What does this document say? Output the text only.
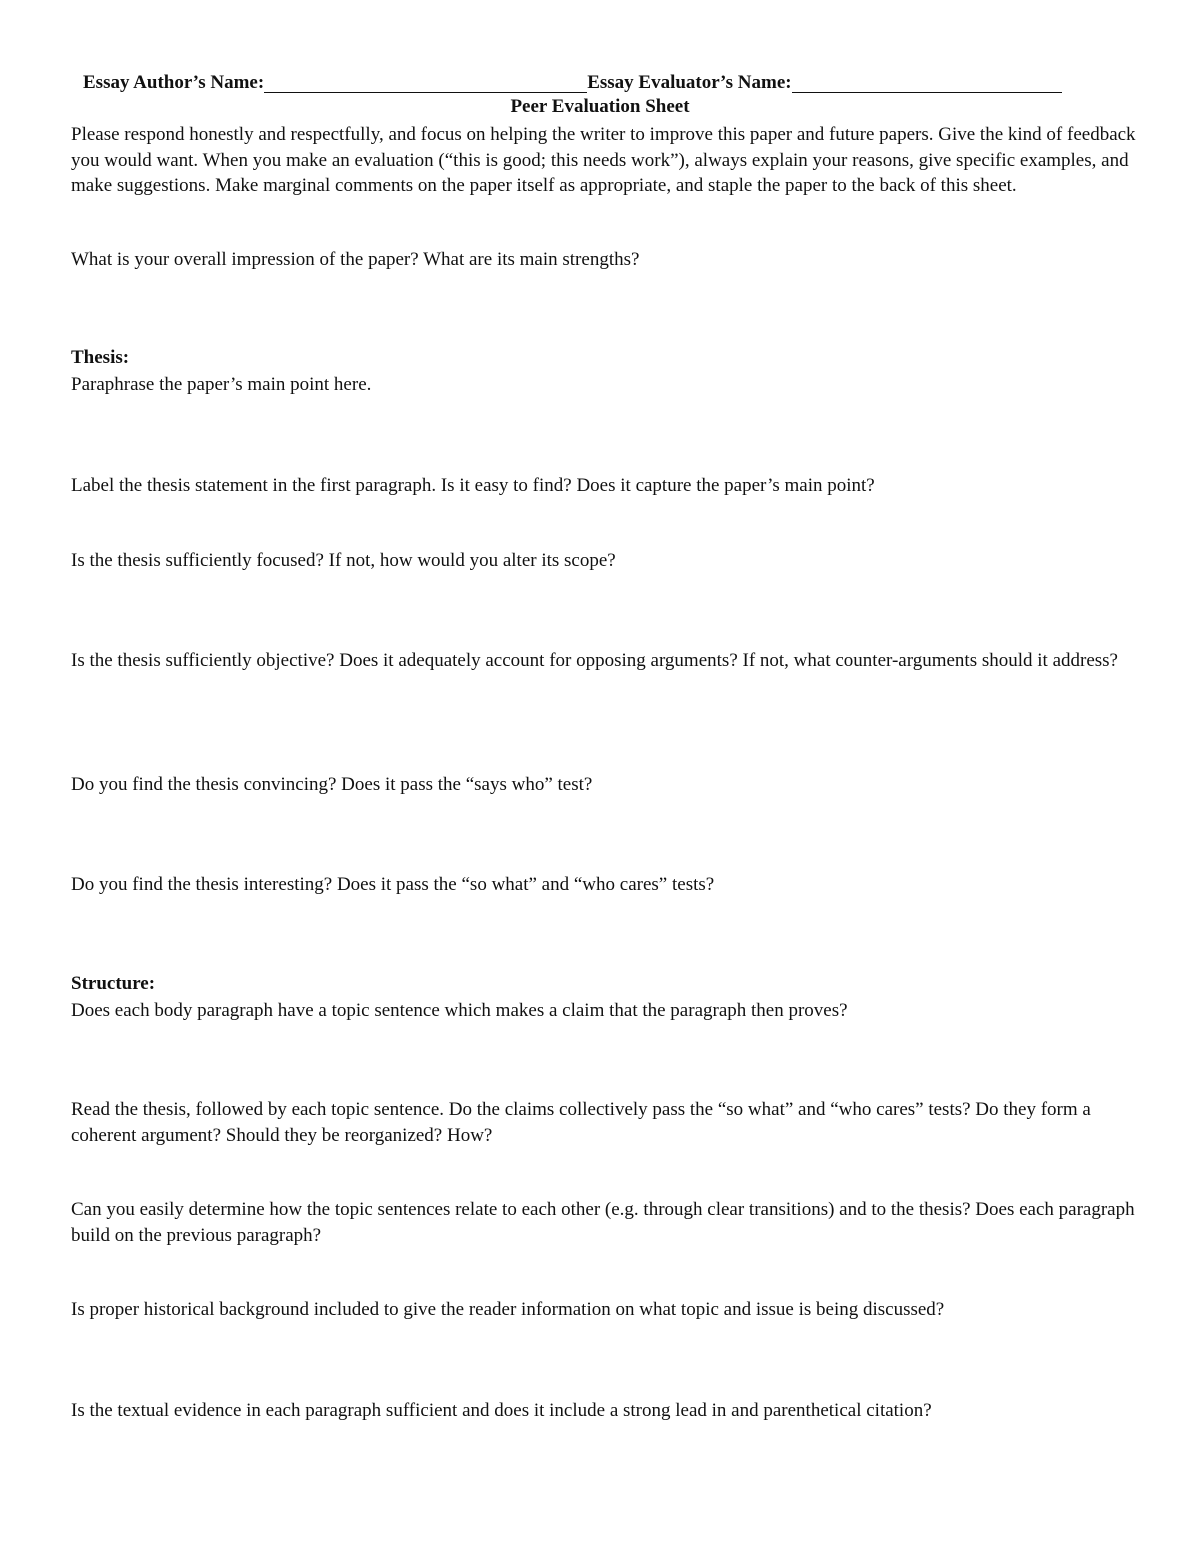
Essay Author’s Name:	Essay Evaluator’s Name:
Peer Evaluation Sheet
Please respond honestly and respectfully, and focus on helping the writer to improve this paper and future papers. Give the kind of feedback you would want. When you make an evaluation (“this is good; this needs work”), always explain your reasons, give specific examples, and make suggestions. Make marginal comments on the paper itself as appropriate, and staple the paper to the back of this sheet.
What is your overall impression of the paper? What are its main strengths?
Thesis:
Paraphrase the paper’s main point here.
Label the thesis statement in the first paragraph. Is it easy to find? Does it capture the paper’s main point?
Is the thesis sufficiently focused? If not, how would you alter its scope?
Is the thesis sufficiently objective? Does it adequately account for opposing arguments? If not, what counter-arguments should it address?
Do you find the thesis convincing? Does it pass the “says who” test?
Do you find the thesis interesting? Does it pass the “so what” and “who cares” tests?
Structure:
Does each body paragraph have a topic sentence which makes a claim that the paragraph then proves?
Read the thesis, followed by each topic sentence. Do the claims collectively pass the “so what” and “who cares” tests? Do they form a coherent argument? Should they be reorganized? How?
Can you easily determine how the topic sentences relate to each other (e.g. through clear transitions) and to the thesis? Does each paragraph build on the previous paragraph?
Is proper historical background included to give the reader information on what topic and issue is being discussed?
Is the textual evidence in each paragraph sufficient and does it include a strong lead in and parenthetical citation?
